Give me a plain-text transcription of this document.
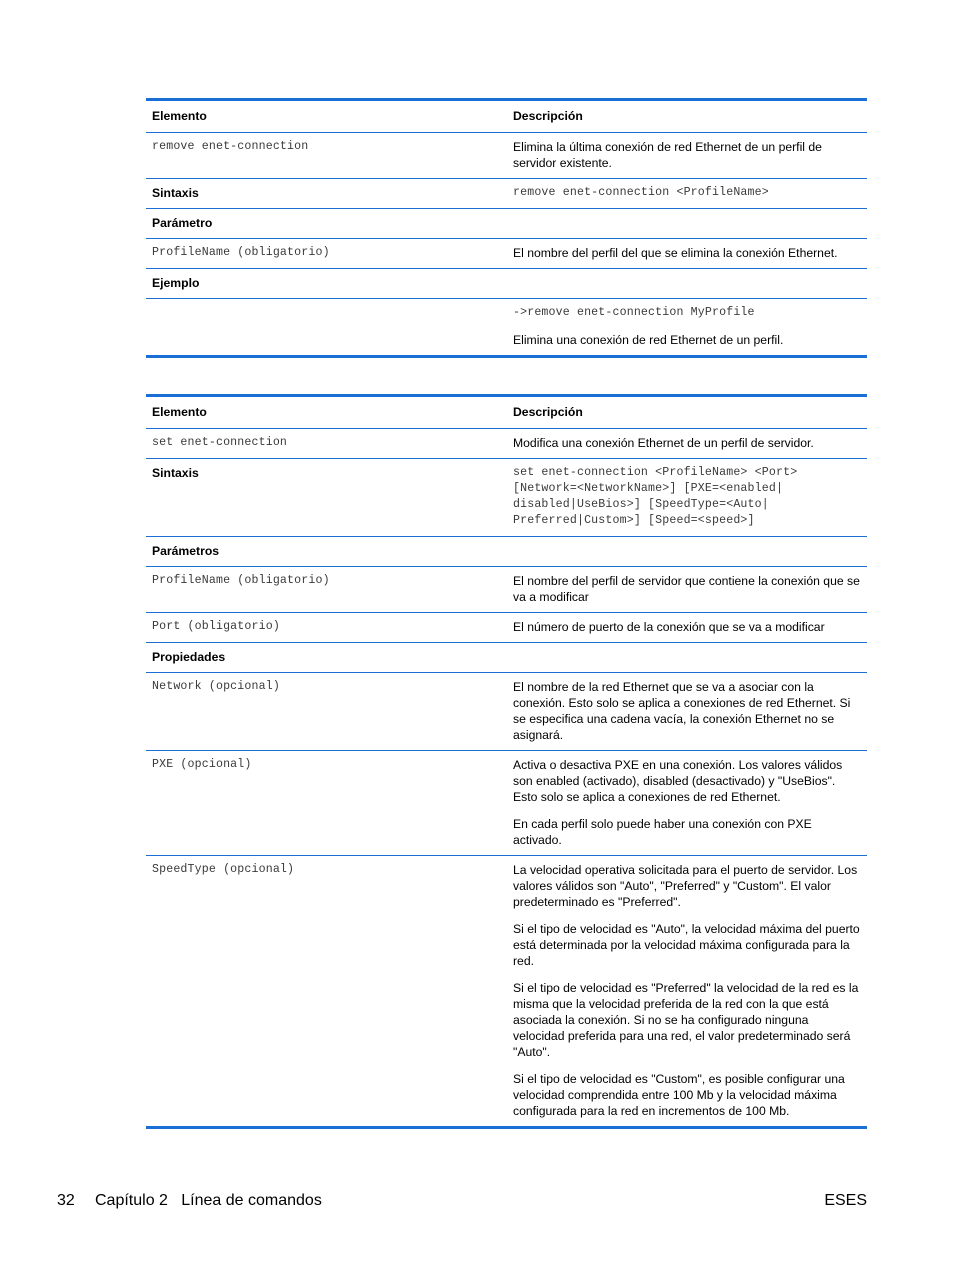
Elemento	Descripción
remove enet-connection	Elimina la última conexión de red Ethernet de un perfil de servidor existente.
Sintaxis	remove enet-connection <ProfileName>
Parámetro	
ProfileName (obligatorio)	El nombre del perfil del que se elimina la conexión Ethernet.
Ejemplo	

	->remove enet-connection MyProfile

Elimina una conexión de red Ethernet de un perfil.

Elemento	Descripción
set enet-connection	Modifica una conexión Ethernet de un perfil de servidor.
Sintaxis	set enet-connection <ProfileName> <Port> [Network=<NetworkName>] [PXE=<enabled| disabled|UseBios>] [SpeedType=<Auto| Preferred|Custom>] [Speed=<speed>]
Parámetros	
ProfileName (obligatorio)	El nombre del perfil de servidor que contiene la conexión que se va a modificar
Port (obligatorio)	El número de puerto de la conexión que se va a modificar
Propiedades	
Network (opcional)	El nombre de la red Ethernet que se va a asociar con la conexión. Esto solo se aplica a conexiones de red Ethernet. Si se especifica una cadena vacía, la conexión Ethernet no se asignará.
PXE (opcional)	Activa o desactiva PXE en una conexión. Los valores válidos son enabled (activado), disabled (desactivado) y "UseBios". Esto solo se aplica a conexiones de red Ethernet.

En cada perfil solo puede haber una conexión con PXE activado.

SpeedType (opcional)	La velocidad operativa solicitada para el puerto de servidor. Los valores válidos son "Auto", "Preferred" y "Custom". El valor predeterminado es "Preferred".

Si el tipo de velocidad es "Auto", la velocidad máxima del puerto está determinada por la velocidad máxima configurada para la red.

Si el tipo de velocidad es "Preferred" la velocidad de la red es la misma que la velocidad preferida de la red con la que está asociada la conexión. Si no se ha configurado ninguna velocidad preferida para una red, el valor predeterminado será "Auto".

Si el tipo de velocidad es "Custom", es posible configurar una velocidad comprendida entre 100 Mb y la velocidad máxima configurada para la red en incrementos de 100 Mb.

32 Capítulo 2   Línea de comandos	ESES
